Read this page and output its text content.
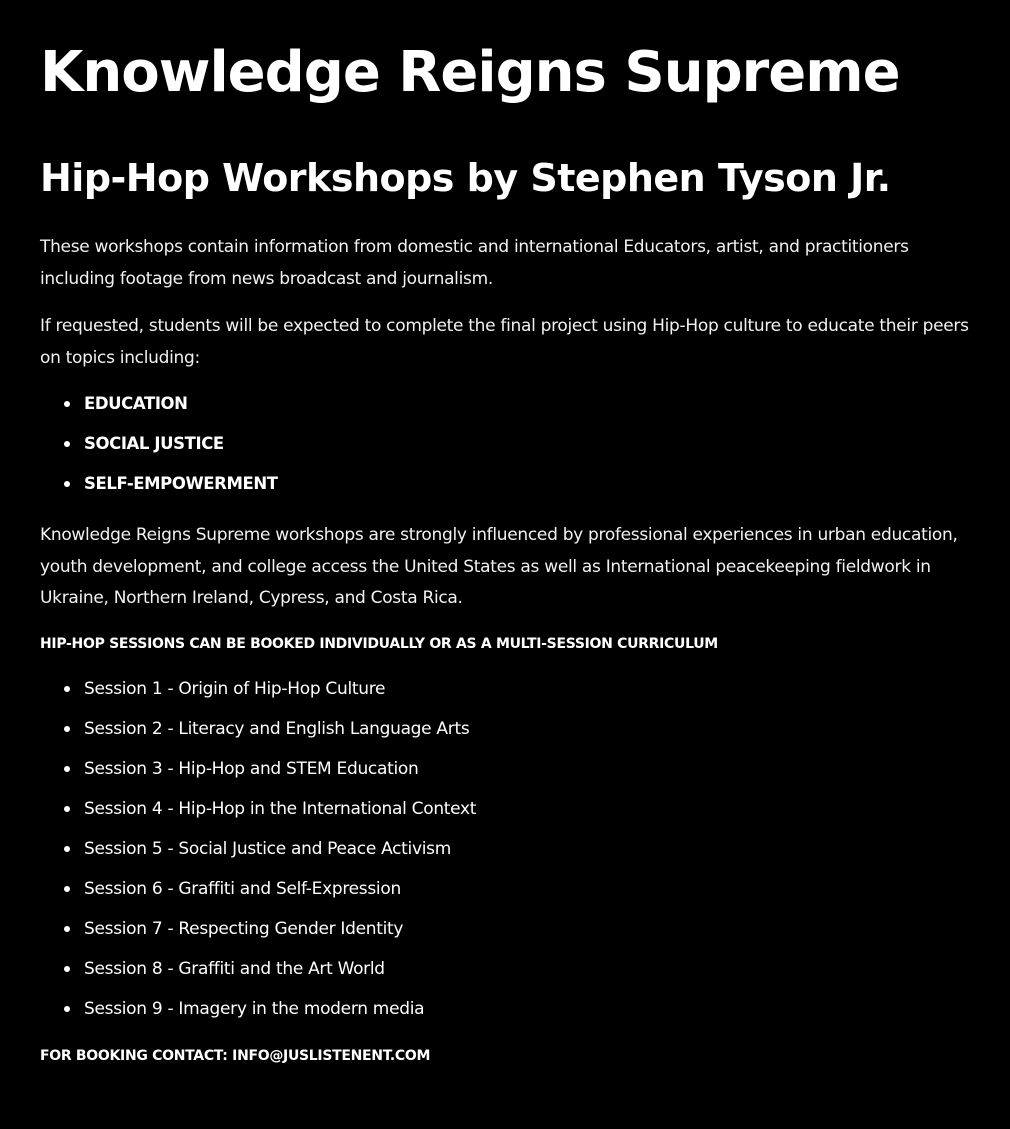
Knowledge Reigns Supreme
Hip-Hop Workshops by Stephen Tyson Jr.

These workshops contain information from domestic and international Educators, artist, and practitioners including footage from news broadcast and journalism.

If requested, students will be expected to complete the final project using Hip-Hop culture to educate their peers on topics including:

EDUCATION
SOCIAL JUSTICE
SELF-EMPOWERMENT

Knowledge Reigns Supreme workshops are strongly influenced by professional experiences in urban education, youth development, and college access the United States as well as International peacekeeping fieldwork in Ukraine, Northern Ireland, Cypress, and Costa Rica.

HIP-HOP SESSIONS CAN BE BOOKED INDIVIDUALLY OR AS A MULTI-SESSION CURRICULUM

Session 1 - Origin of Hip-Hop Culture
Session 2 - Literacy and English Language Arts
Session 3 - Hip-Hop and STEM Education
Session 4 - Hip-Hop in the International Context
Session 5 - Social Justice and Peace Activism
Session 6 - Graffiti and Self-Expression
Session 7 - Respecting Gender Identity
Session 8 - Graffiti and the Art World
Session 9 - Imagery in the modern media

FOR BOOKING CONTACT: INFO@JUSLISTENENT.COM
